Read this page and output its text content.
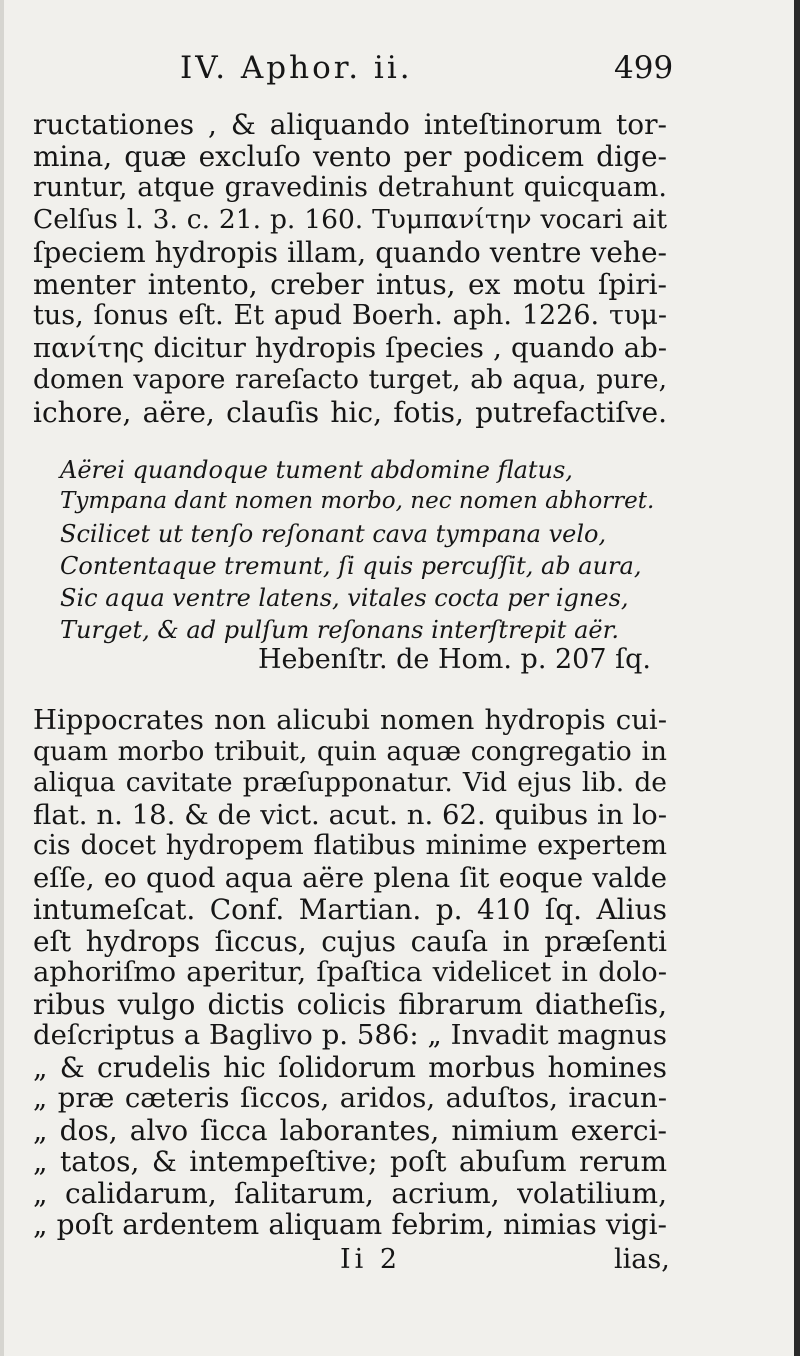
IV. Aphor. ii.	499
ructationes , & aliquando inteſtinorum tor-
mina, quæ excluſo vento per podicem dige-
runtur, atque gravedinis detrahunt quicquam.
Celſus l. 3. c. 21. p. 160. Τυμπανίτην vocari ait
ſpeciem hydropis illam, quando ventre vehe-
menter intento, creber intus, ex motu ſpiri-
tus, ſonus eſt. Et apud Boerh. aph. 1226. τυμ-
πανίτης dicitur hydropis ſpecies , quando ab-
domen vapore rareſacto turget, ab aqua, pure,
ichore, aëre, clauſis hic, fotis, putrefactiſve.
Aërei quandoque tument abdomine flatus,
Tympana dant nomen morbo, nec nomen abhorret.
Scilicet ut tenſo reſonant cava tympana velo,
Contentaque tremunt, ſi quis percuſſit, ab aura,
Sic aqua ventre latens, vitales cocta per ignes,
Turget, & ad pulſum reſonans interſtrepit aër.
Hebenſtr. de Hom. p. 207 ſq.
Hippocrates non alicubi nomen hydropis cui-
quam morbo tribuit, quin aquæ congregatio in
aliqua cavitate præſupponatur. Vid ejus lib. de
flat. n. 18. & de vict. acut. n. 62. quibus in lo-
cis docet hydropem flatibus minime expertem
eſſe, eo quod aqua aëre plena ſit eoque valde
intumeſcat. Conf. Martian. p. 410 ſq. Alius
eſt hydrops ſiccus, cujus cauſa in præſenti
aphoriſmo aperitur, ſpaſtica videlicet in dolo-
ribus vulgo dictis colicis fibrarum diatheſis,
deſcriptus a Baglivo p. 586: „ Invadit magnus
„ & crudelis hic ſolidorum morbus homines
„ præ cæteris ſiccos, aridos, aduſtos, iracun-
„ dos, alvo ſicca laborantes, nimium exerci-
„ tatos, & intempeſtive; poſt abuſum rerum
„ calidarum, ſalitarum, acrium, volatilium,
„ poſt ardentem aliquam febrim, nimias vigi-
Ii 2	lias,
